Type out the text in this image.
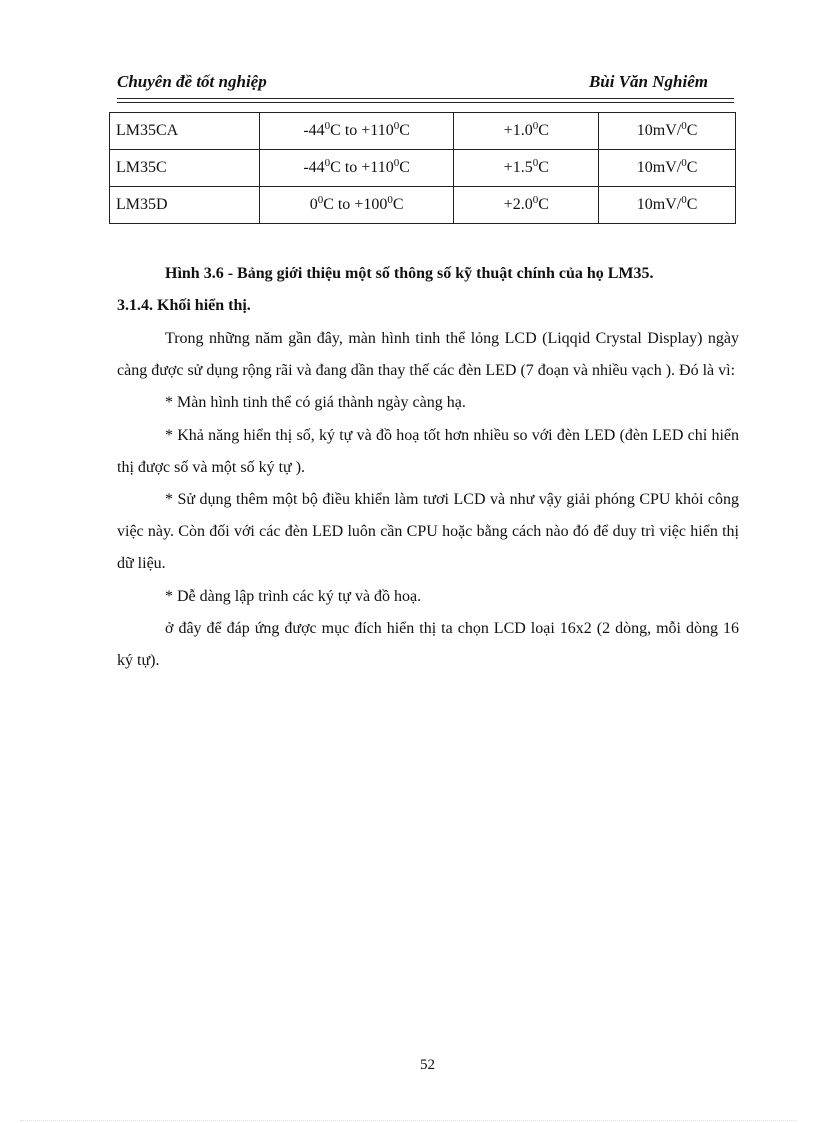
Chuyên đề tốt nghiệp	Bùi Văn Nghiêm
LM35CA	$-44^0C$ to $+110^0C$	$+1.0^0C$	10mV/$^0$C
LM35C	$-44^0C$ to $+110^0C$	$+1.5^0C$	10mV/$^0$C
LM35D	$0^0C$ to $+100^0C$	$+2.0^0C$	10mV/$^0$C
Hình 3.6 - Bảng giới thiệu một số thông số kỹ thuật chính của họ LM35.
3.1.4. Khối hiển thị.

Trong những năm gần đây, màn hình tinh thể lỏng LCD (Liqqid Crystal Display) ngày càng được sử dụng rộng rãi và đang dần thay thế các đèn LED (7 đoạn và nhiều vạch ). Đó là vì:

* Màn hình tinh thể có giá thành ngày càng hạ.

* Khả năng hiển thị số, ký tự và đồ hoạ tốt hơn nhiều so với đèn LED (đèn LED chỉ hiển thị được số và một số ký tự ).

* Sử dụng thêm một bộ điều khiển làm tươi LCD và như vậy giải phóng CPU khỏi công việc này. Còn đối với các đèn LED luôn cần CPU hoặc bằng cách nào đó để duy trì việc hiển thị dữ liệu.

* Dễ dàng lập trình các ký tự và đồ hoạ.

ở đây để đáp ứng được mục đích hiển thị ta chọn LCD loại 16x2 (2 dòng, mỗi dòng 16 ký tự).

52
